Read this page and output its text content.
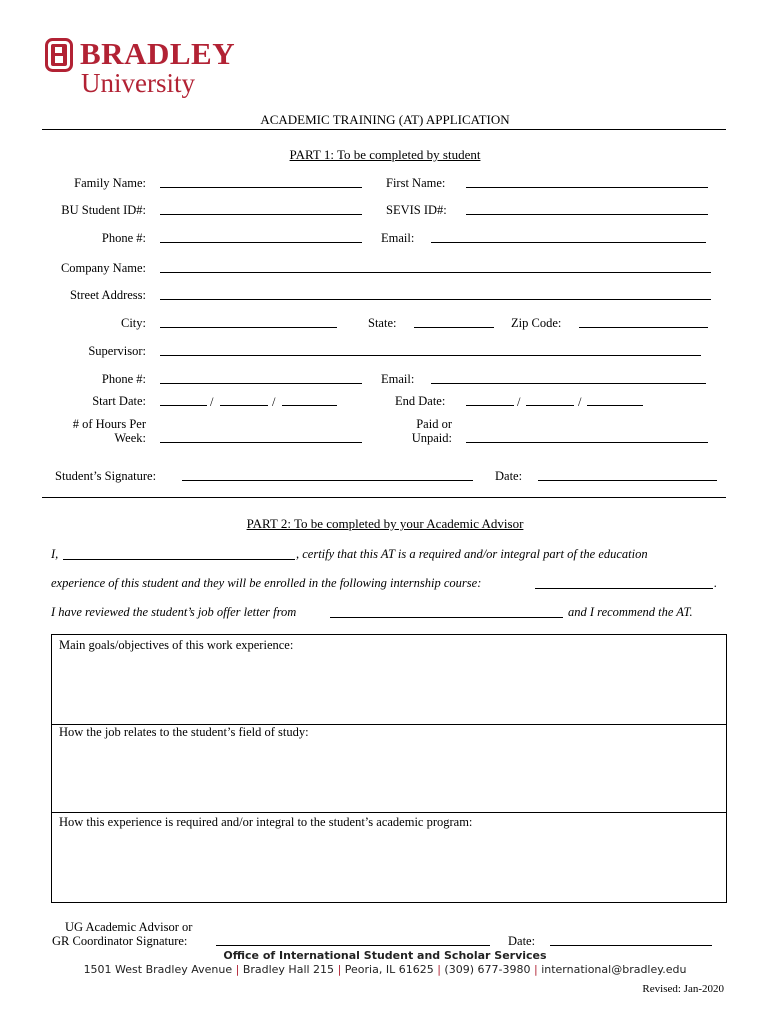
BRADLEY
University
ACADEMIC TRAINING (AT) APPLICATION
PART 1: To be completed by student
Family Name:	First Name:
BU Student ID#:	SEVIS ID#:
Phone #:	Email:
Company Name:
Street Address:
City:	State:	Zip Code:
Supervisor:
Phone #:	Email:
Start Date:	/	/	End Date:	/	/
# of Hours Per
Week:
Paid or
Unpaid:
Student’s Signature:	Date:
PART 2: To be completed by your Academic Advisor
I,	, certify that this AT is a required and/or integral part of the education
experience of this student and they will be enrolled in the following internship course:	.
I have reviewed the student’s job offer letter from	and I recommend the AT.
Main goals/objectives of this work experience:
How the job relates to the student’s field of study:
How this experience is required and/or integral to the student’s academic program:
UG Academic Advisor or
GR Coordinator Signature:	Date:
Office of International Student and Scholar Services
1501 West Bradley Avenue | Bradley Hall 215 | Peoria, IL 61625 | (309) 677-3980 | international@bradley.edu
Revised: Jan-2020
